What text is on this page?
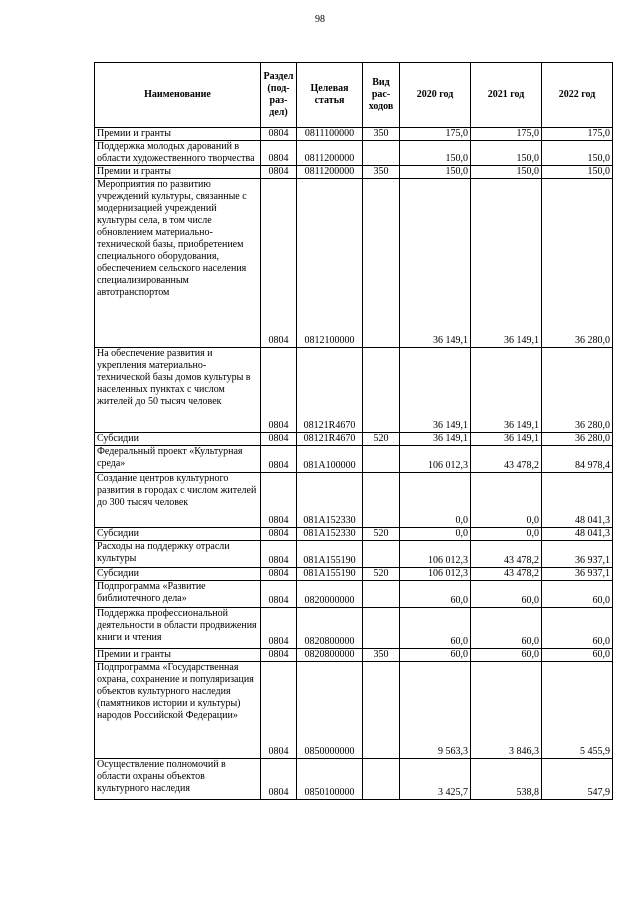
98
Наименование	Раздел (под-раз-дел)	Целевая статья	Вид рас-ходов	2020 год	2021 год	2022 год
Премии и гранты	0804	0811100000	350	175,0	175,0	175,0
Поддержка молодых дарований в области художественного творчества	0804	0811200000		150,0	150,0	150,0
Премии и гранты	0804	0811200000	350	150,0	150,0	150,0
Мероприятия по развитию учреждений культуры, связанные с модернизацией учреждений культуры села, в том числе обновлением материально-технической базы, приобретением специального оборудования, обеспечением сельского населения специализированным автотранспортом	0804	0812100000		36 149,1	36 149,1	36 280,0
На обеспечение развития и укрепления материально-технической базы домов культуры в населенных пунктах с числом жителей до 50 тысяч человек	0804	08121R4670		36 149,1	36 149,1	36 280,0
Субсидии	0804	08121R4670	520	36 149,1	36 149,1	36 280,0
Федеральный проект «Культурная среда»	0804	081A100000		106 012,3	43 478,2	84 978,4
Создание центров культурного развития в городах с числом жителей до 300 тысяч человек	0804	081A152330		0,0	0,0	48 041,3
Субсидии	0804	081A152330	520	0,0	0,0	48 041,3
Расходы на поддержку отрасли культуры	0804	081A155190		106 012,3	43 478,2	36 937,1
Субсидии	0804	081A155190	520	106 012,3	43 478,2	36 937,1
Подпрограмма «Развитие библиотечного дела»	0804	0820000000		60,0	60,0	60,0
Поддержка профессиональной деятельности в области продвижения книги и чтения	0804	0820800000		60,0	60,0	60,0
Премии и гранты	0804	0820800000	350	60,0	60,0	60,0
Подпрограмма «Государственная охрана, сохранение и популяризация объектов культурного наследия (памятников истории и культуры) народов Российской Федерации»	0804	0850000000		9 563,3	3 846,3	5 455,9
Осуществление полномочий в области охраны объектов культурного наследия	0804	0850100000		3 425,7	538,8	547,9
